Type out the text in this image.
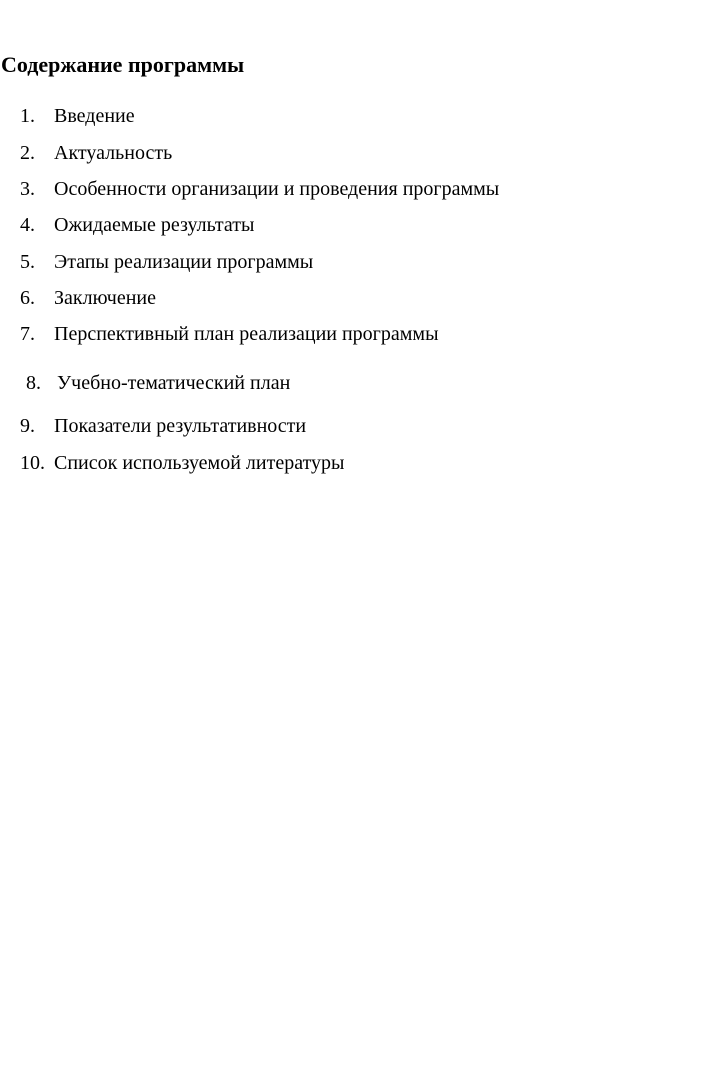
Содержание программы
1. Введение
2. Актуальность
3. Особенности организации и проведения программы
4. Ожидаемые результаты
5. Этапы реализации программы
6. Заключение
7. Перспективный план реализации программы
8. Учебно-тематический план
9. Показатели результативности
10. Список используемой литературы
